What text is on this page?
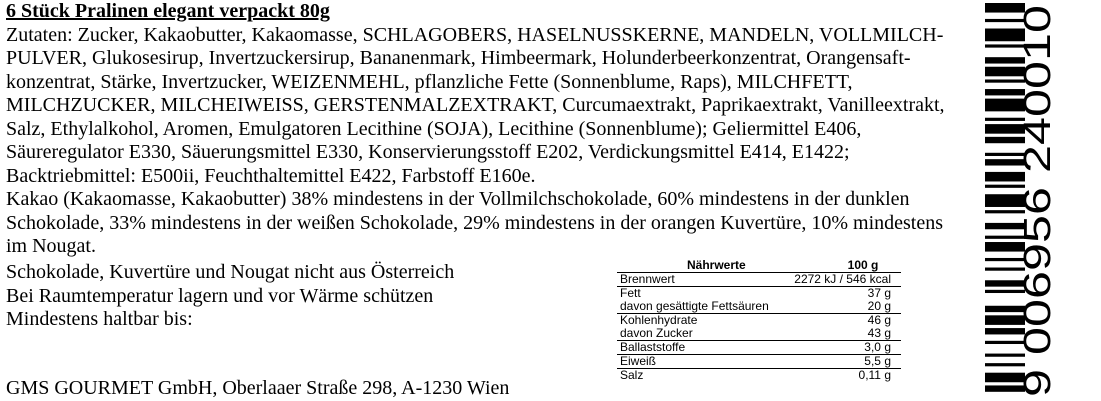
6 Stück Pralinen elegant verpackt 80g

Zutaten: Zucker, Kakaobutter, Kakaomasse, SCHLAGOBERS, HASELNUSSKERNE, MANDELN, VOLLMILCH-

PULVER, Glukosesirup, Invertzuckersirup, Bananenmark, Himbeermark, Holunderbeerkonzentrat, Orangensaft-

konzentrat, Stärke, Invertzucker, WEIZENMEHL, pflanzliche Fette (Sonnenblume, Raps), MILCHFETT,

MILCHZUCKER, MILCHEIWEISS, GERSTENMALZEXTRAKT, Curcumaextrakt, Paprikaextrakt, Vanilleextrakt,

Salz, Ethylalkohol, Aromen, Emulgatoren Lecithine (SOJA), Lecithine (Sonnenblume); Geliermittel E406,

Säureregulator E330, Säuerungsmittel E330, Konservierungsstoff E202, Verdickungsmittel E414, E1422;

Backtriebmittel: E500ii, Feuchthaltemittel E422, Farbstoff E160e.

Kakao (Kakaomasse, Kakaobutter) 38% mindestens in der Vollmilchschokolade, 60% mindestens in der dunklen

Schokolade, 33% mindestens in der weißen Schokolade, 29% mindestens in der orangen Kuvertüre, 10% mindestens

im Nougat.

Schokolade, Kuvertüre und Nougat nicht aus Österreich

Bei Raumtemperatur lagern und vor Wärme schützen

Mindestens haltbar bis:

GMS GOURMET GmbH, Oberlaaer Straße 298, A-1230 Wien
Nährwerte	100 g
Brennwert	2272 kJ / 546 kcal
Fett	37 g
davon gesättigte Fettsäuren	20 g
Kohlenhydrate	46 g
davon Zucker	43 g
Ballaststoffe	3,0 g
Eiweiß	5,5 g
Salz	0,11 g	9 006956 240010
